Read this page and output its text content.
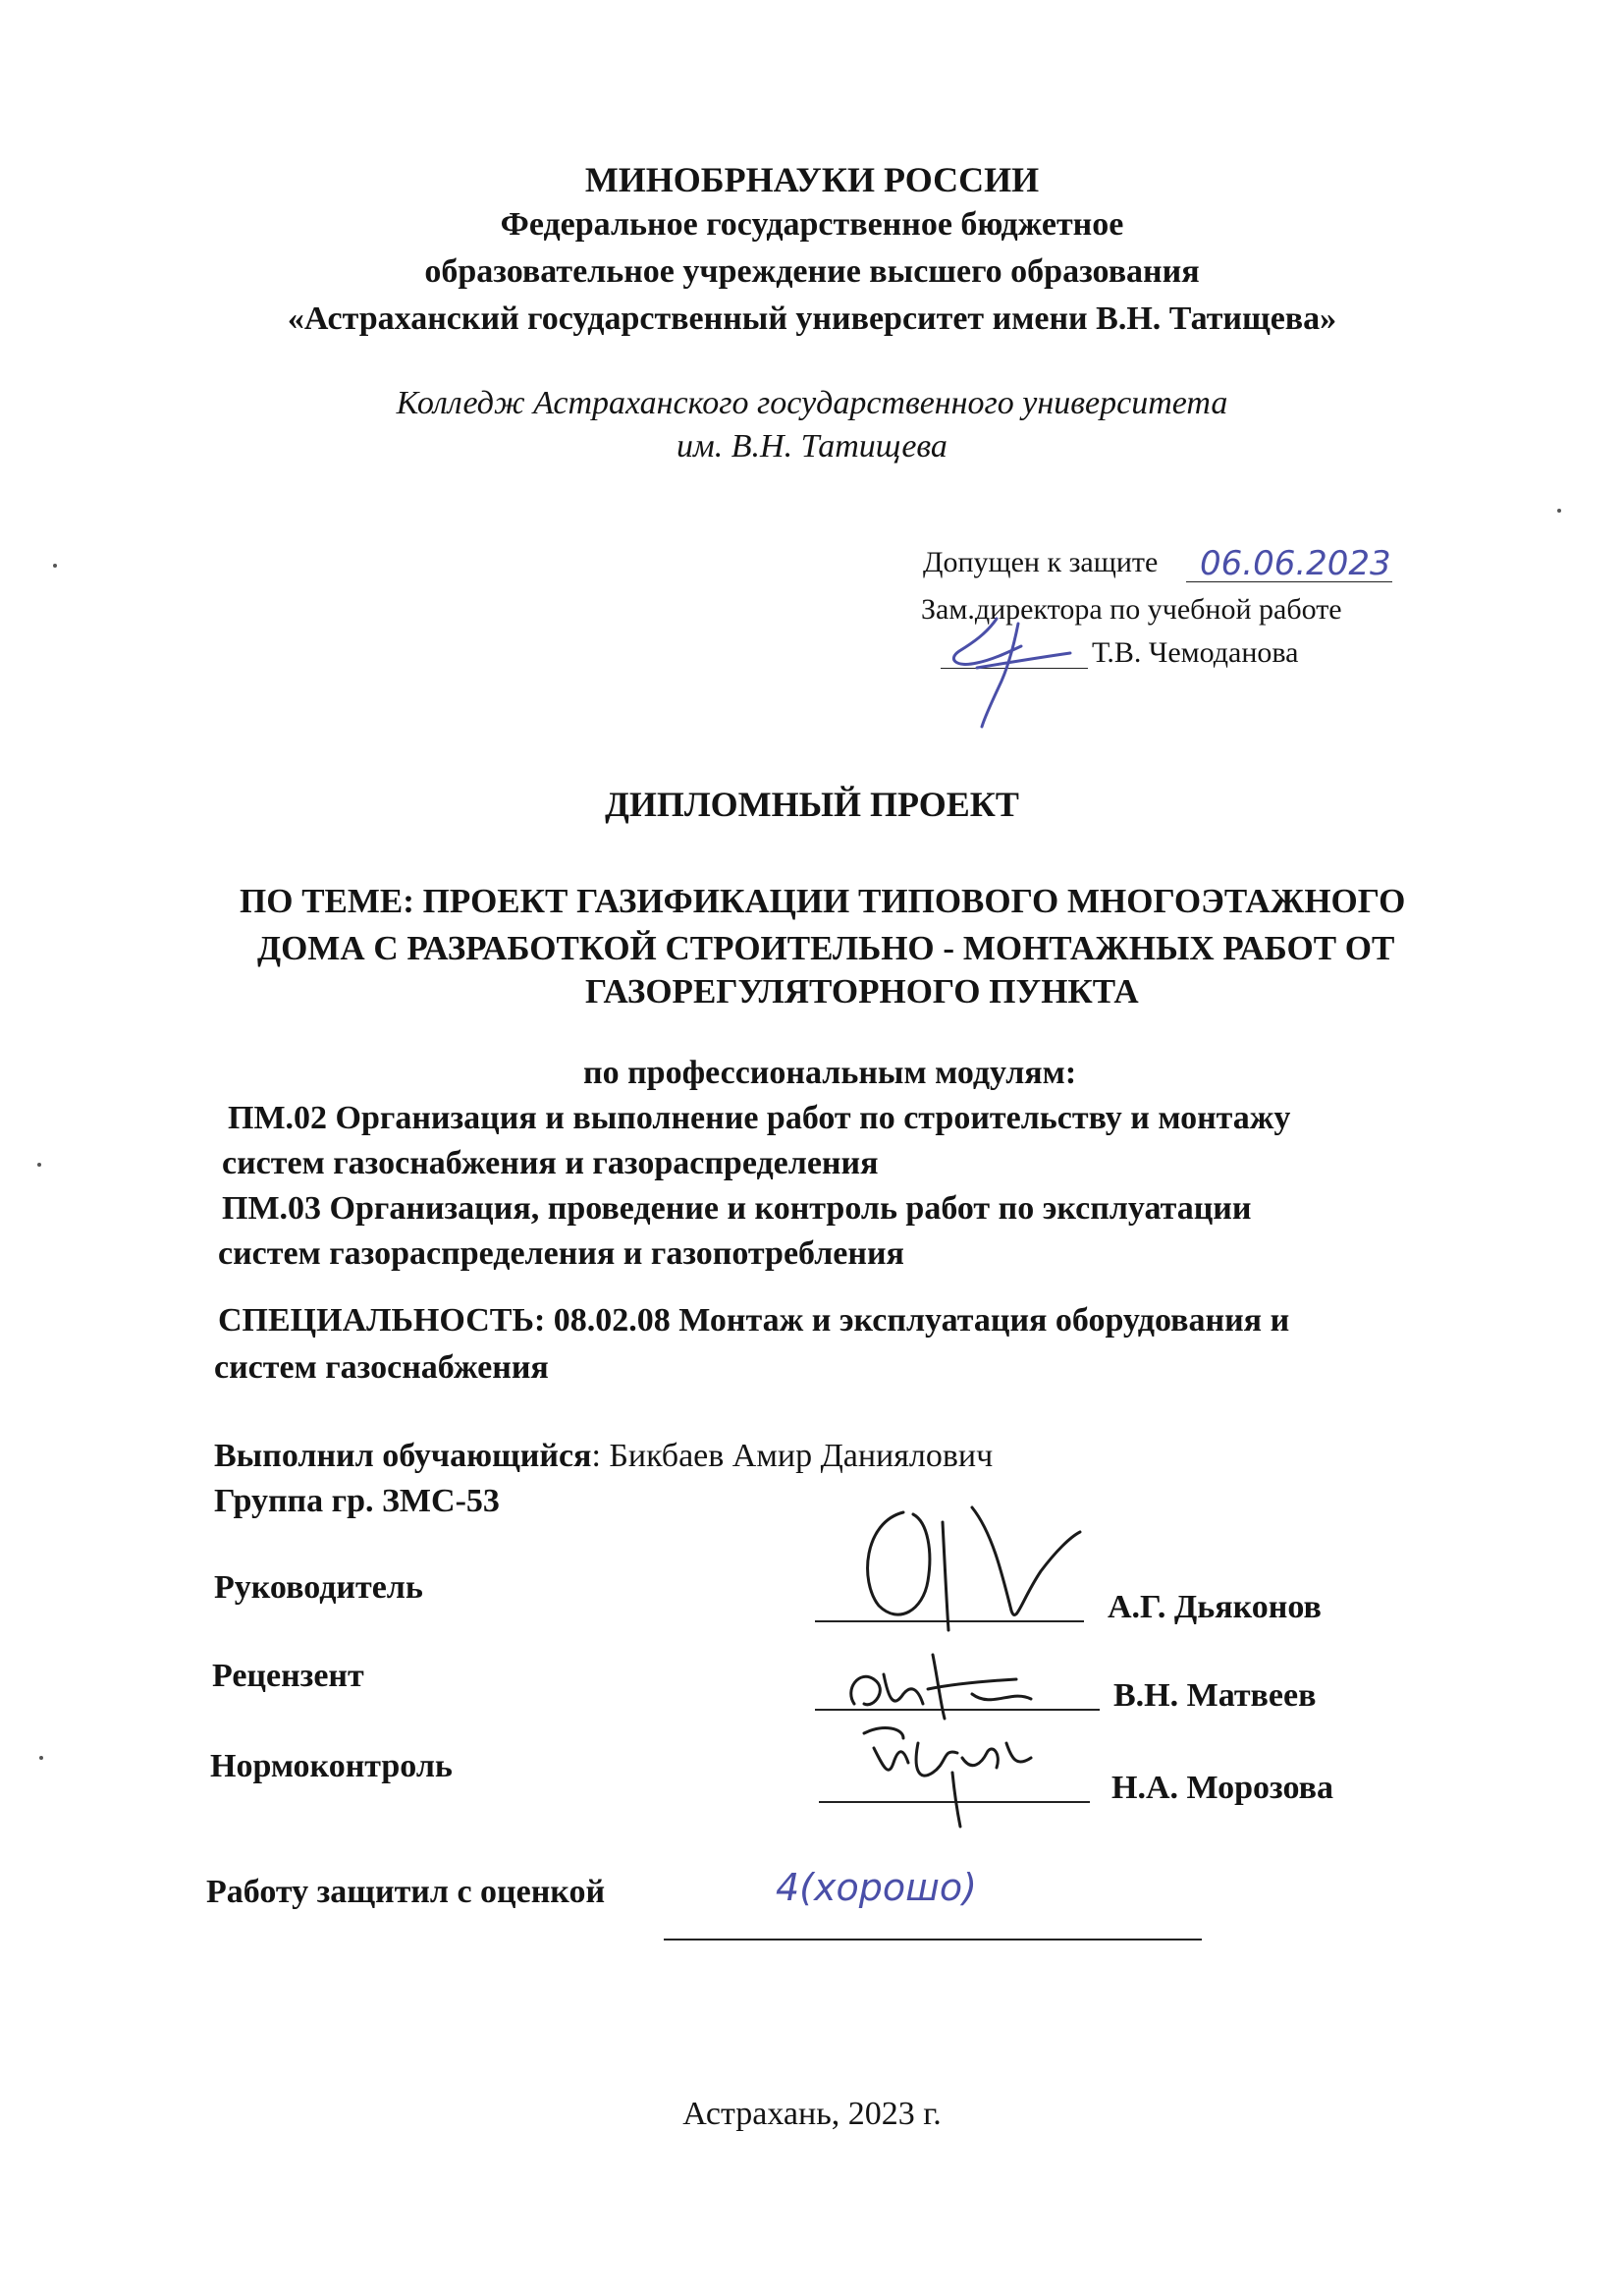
МИНОБРНАУКИ РОССИИ
Федеральное государственное бюджетное
образовательное учреждение высшего образования
«Астраханский государственный университет имени В.Н. Татищева»
Колледж Астраханского государственного университета
им. В.Н. Татищева
Допущен к защите 06.06.2023
Зам.директора по учебной работе
Т.В. Чемоданова
ДИПЛОМНЫЙ ПРОЕКТ
ПО ТЕМЕ: ПРОЕКТ ГАЗИФИКАЦИИ ТИПОВОГО МНОГОЭТАЖНОГО
ДОМА С РАЗРАБОТКОЙ СТРОИТЕЛЬНО - МОНТАЖНЫХ РАБОТ ОТ
ГАЗОРЕГУЛЯТОРНОГО ПУНКТА
по профессиональным модулям:
ПМ.02 Организация и выполнение работ по строительству и монтажу
систем газоснабжения и газораспределения
ПМ.03 Организация, проведение и контроль работ по эксплуатации
систем газораспределения и газопотребления
СПЕЦИАЛЬНОСТЬ: 08.02.08 Монтаж и эксплуатация оборудования и
систем газоснабжения
Выполнил обучающийся: Бикбаев Амир Даниялович
Группа гр. ЗМС-53
Руководитель
А.Г. Дьяконов
Рецензент
В.Н. Матвеев
Нормоконтроль
Н.А. Морозова
Работу защитил с оценкой	4(хорошо)
Астрахань, 2023 г.
